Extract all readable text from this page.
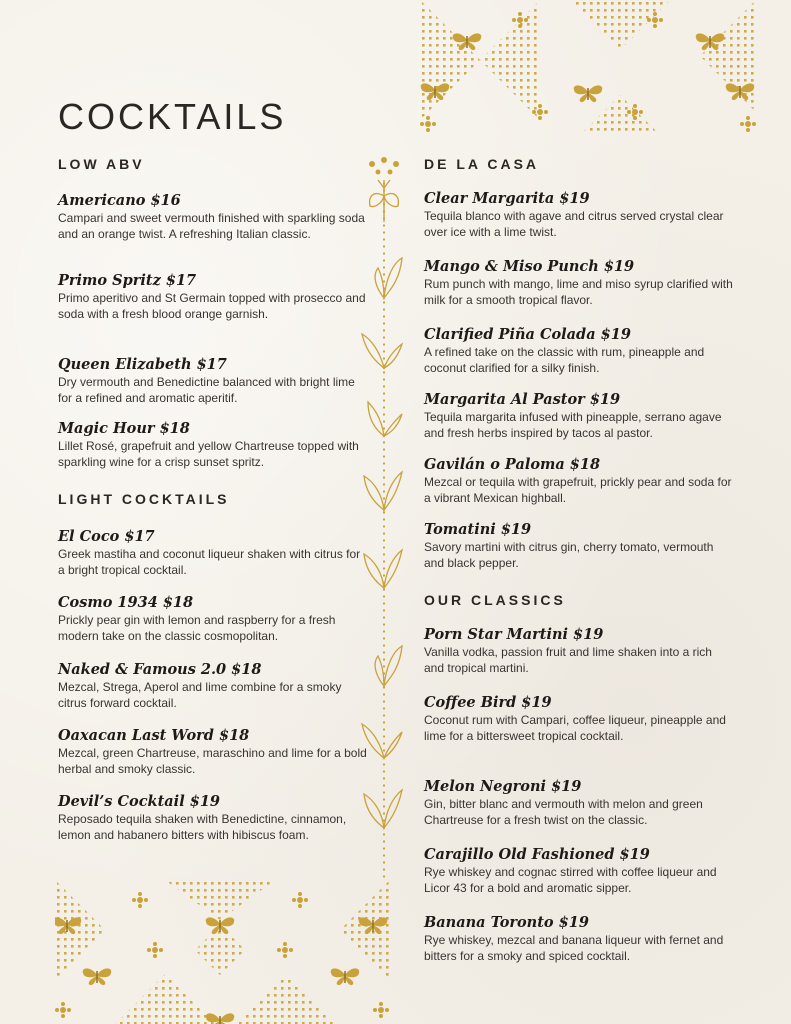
COCKTAILS
LOW ABV
Americano $16
Campari and sweet vermouth finished with sparkling soda and an orange twist. A refreshing Italian classic.
Primo Spritz $17
Primo aperitivo and St Germain topped with prosecco and soda with a fresh blood orange garnish.
Queen Elizabeth $17
Dry vermouth and Benedictine balanced with bright lime for a refined and aromatic aperitif.
Magic Hour $18
Lillet Rosé, grapefruit and yellow Chartreuse topped with sparkling wine for a crisp sunset spritz.
LIGHT COCKTAILS
El Coco $17
Greek mastiha and coconut liqueur shaken with citrus for a bright tropical cocktail.
Cosmo 1934 $18
Prickly pear gin with lemon and raspberry for a fresh modern take on the classic cosmopolitan.
Naked & Famous 2.0 $18
Mezcal, Strega, Aperol and lime combine for a smoky citrus forward cocktail.
Oaxacan Last Word $18
Mezcal, green Chartreuse, maraschino and lime for a bold herbal and smoky classic.
Devil’s Cocktail $19
Reposado tequila shaken with Benedictine, cinnamon, lemon and habanero bitters with hibiscus foam.
DE LA CASA
Clear Margarita $19
Tequila blanco with agave and citrus served crystal clear over ice with a lime twist.
Mango & Miso Punch $19
Rum punch with mango, lime and miso syrup clarified with milk for a smooth tropical flavor.
Clarified Piña Colada $19
A refined take on the classic with rum, pineapple and coconut clarified for a silky finish.
Margarita Al Pastor $19
Tequila margarita infused with pineapple, serrano agave and fresh herbs inspired by tacos al pastor.
Gavilán o Paloma $18
Mezcal or tequila with grapefruit, prickly pear and soda for a vibrant Mexican highball.
Tomatini $19
Savory martini with citrus gin, cherry tomato, vermouth and black pepper.
OUR CLASSICS
Porn Star Martini $19
Vanilla vodka, passion fruit and lime shaken into a rich and tropical martini.
Coffee Bird $19
Coconut rum with Campari, coffee liqueur, pineapple and lime for a bittersweet tropical cocktail.
Melon Negroni $19
Gin, bitter blanc and vermouth with melon and green Chartreuse for a fresh twist on the classic.
Carajillo Old Fashioned $19
Rye whiskey and cognac stirred with coffee liqueur and Licor 43 for a bold and aromatic sipper.
Banana Toronto $19
Rye whiskey, mezcal and banana liqueur with fernet and bitters for a smoky and spiced cocktail.
